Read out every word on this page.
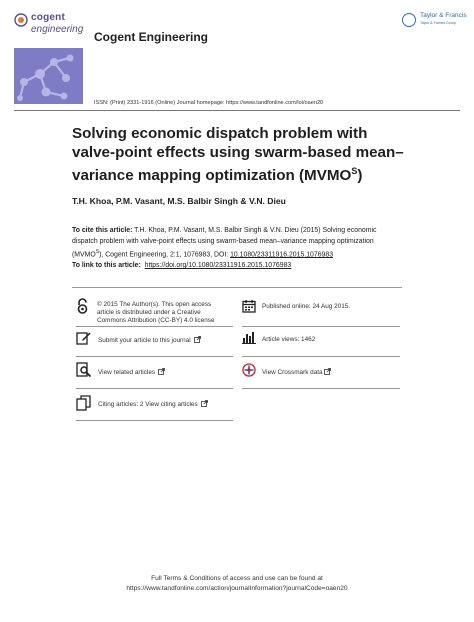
cogent
engineering
Cogent Engineering
Taylor & Francis
Taylor & Francis Group
ISSN: (Print) 2331-1916 (Online) Journal homepage: https://www.tandfonline.com/loi/oaen20
Solving economic dispatch problem with valve-point effects using swarm-based mean–variance mapping optimization $(MVMO^S)$
T.H. Khoa, P.M. Vasant, M.S. Balbir Singh & V.N. Dieu
To cite this article: T.H. Khoa, P.M. Vasant, M.S. Balbir Singh & V.N. Dieu (2015) Solving economic dispatch problem with valve-point effects using swarm-based mean–variance mapping optimization $(MVMO^S)$, Cogent Engineering, 2:1, 1076983, DOI: 10.1080/23311916.2015.1076983
To link to this article: https://doi.org/10.1080/23311916.2015.1076983
© 2015 The Author(s). This open access
article is distributed under a Creative
Commons Attribution (CC-BY) 4.0 license
Published online: 24 Aug 2015.
Submit your article to this journal	Article views: 1462
View related articles	View Crossmark data
Citing articles: 2 View citing articles
Full Terms & Conditions of access and use can be found at
https://www.tandfonline.com/action/journalInformation?journalCode=oaen20
